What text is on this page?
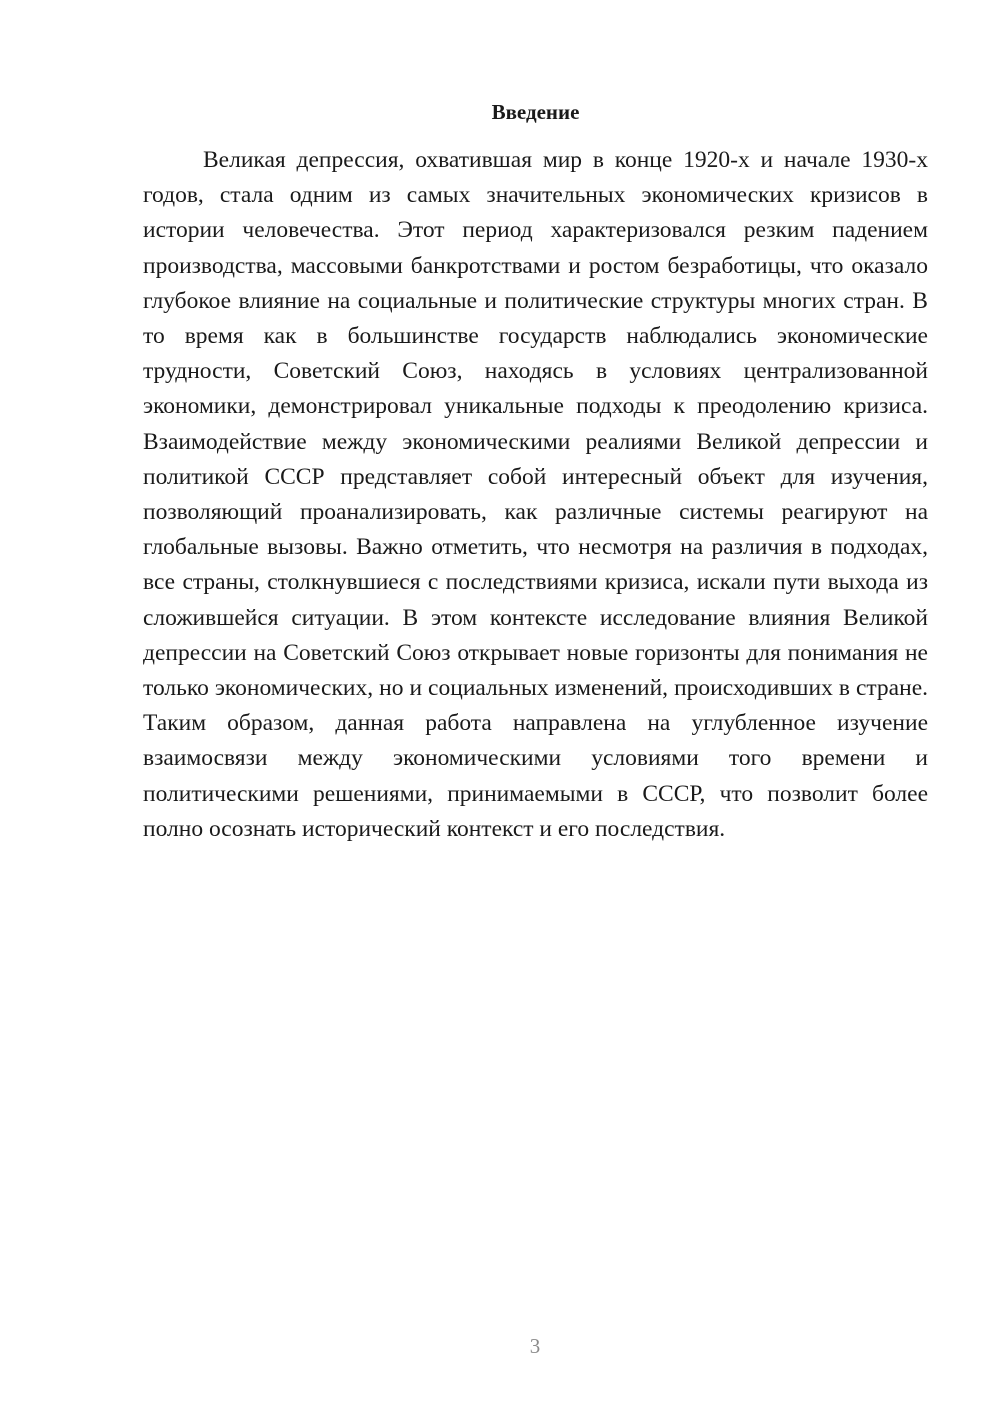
Введение

Великая депрессия, охватившая мир в конце 1920-х и начале 1930-х годов, стала одним из самых значительных экономических кризисов в истории человечества. Этот период характеризовался резким падением производства, массовыми банкротствами и ростом безработицы, что оказало глубокое влияние на социальные и политические структуры многих стран. В то время как в большинстве государств наблюдались экономические трудности, Советский Союз, находясь в условиях централизованной экономики, демонстрировал уникальные подходы к преодолению кризиса. Взаимодействие между экономическими реалиями Великой депрессии и политикой СССР представляет собой интересный объект для изучения, позволяющий проанализировать, как различные системы реагируют на глобальные вызовы. Важно отметить, что несмотря на различия в подходах, все страны, столкнувшиеся с последствиями кризиса, искали пути выхода из сложившейся ситуации. В этом контексте исследование влияния Великой депрессии на Советский Союз открывает новые горизонты для понимания не только экономических, но и социальных изменений, происходивших в стране. Таким образом, данная работа направлена на углубленное изучение взаимосвязи между экономическими условиями того времени и политическими решениями, принимаемыми в СССР, что позволит более полно осознать исторический контекст и его последствия.

3
